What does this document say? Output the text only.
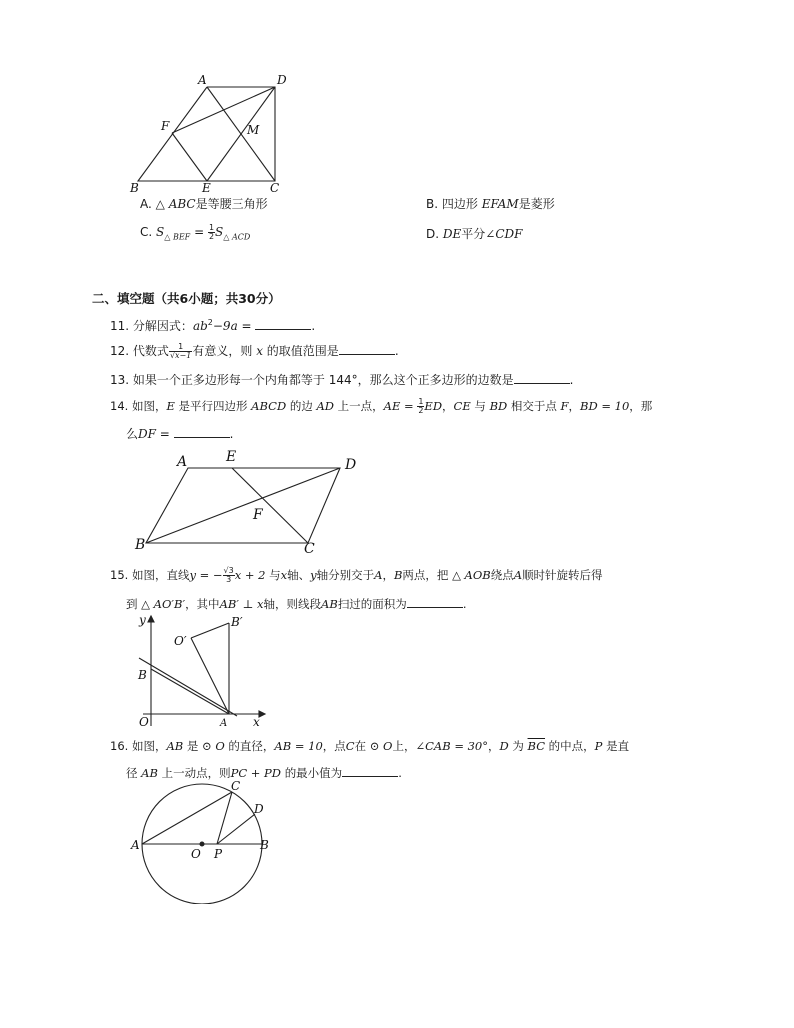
A	D
F	M
B	E	C
A. △ ABC是等腰三角形	B. 四边形 EFAM是菱形
C. $S_{\triangle BEF} = \frac{1}{2} S_{\triangle ACD}$	D. DE平分∠CDF
二、填空题（共6小题；共30分）
11. 分解因式：$ab^2-9a$ =	.
12. 代数式 $\frac{1}{√x-1}$ 有意义，则 x 的取值范围是	.
13. 如果一个正多边形每一个内角都等于 144°，那么这个正多边形的边数是	.
14. 如图，E 是平行四边形 ABCD 的边 AD 上一点，AE = $\frac{1}{2}$ ED，CE 与 BD 相交于点 F，BD = 10，那
么DF =	.
A	E	D
F
B	C
15. 如图，直线y = − $\frac{√3}{3}$ x + 2 与x轴、y轴分别交于A，B两点，把 △ AOB绕点A顺时针旋转后得
到 △ AO′B′，其中AB′ ⊥ x轴，则线段AB扫过的面积为	.
y
O′
B′
B
O	A x
16. 如图，AB 是 ⊙ O 的直径，AB = 10，点C在 ⊙ O上，∠CAB = 30°，D 为 $\overline{BC}$ 的中点，P 是直
径 AB 上一动点，则PC + PD 的最小值为	.
A
O P
B
C
D
